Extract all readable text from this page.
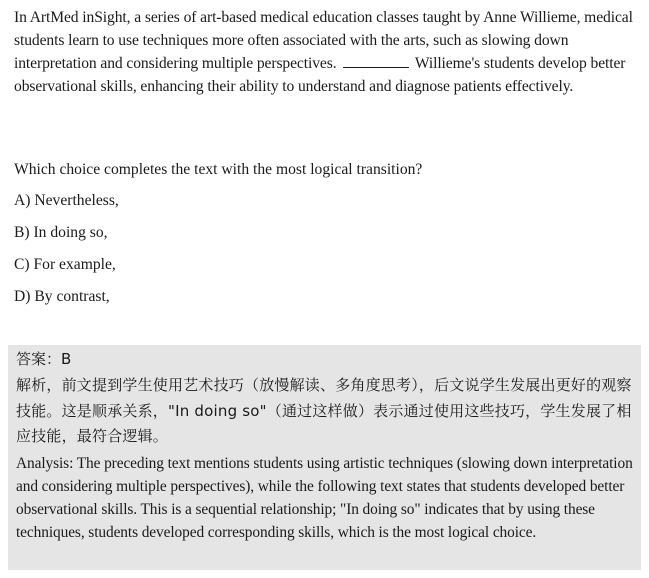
In ArtMed inSight, a series of art-based medical education classes taught by Anne Willieme, medical students learn to use techniques more often associated with the arts, such as slowing down interpretation and considering multiple perspectives.	Willieme's students develop better observational skills, enhancing their ability to understand and diagnose patients effectively.
Which choice completes the text with the most logical transition?
A) Nevertheless,
B) In doing so,
C) For example,
D) By contrast,
答案：B
解析，前文提到学生使用艺术技巧（放慢解读、多角度思考），后文说学生发展出更好的观察技能。这是顺承关系，"In doing so"（通过这样做）表示通过使用这些技巧，学生发展了相应技能，最符合逻辑。
Analysis: The preceding text mentions students using artistic techniques (slowing down interpretation and considering multiple perspectives), while the following text states that students developed better observational skills. This is a sequential relationship; "In doing so" indicates that by using these techniques, students developed corresponding skills, which is the most logical choice.
